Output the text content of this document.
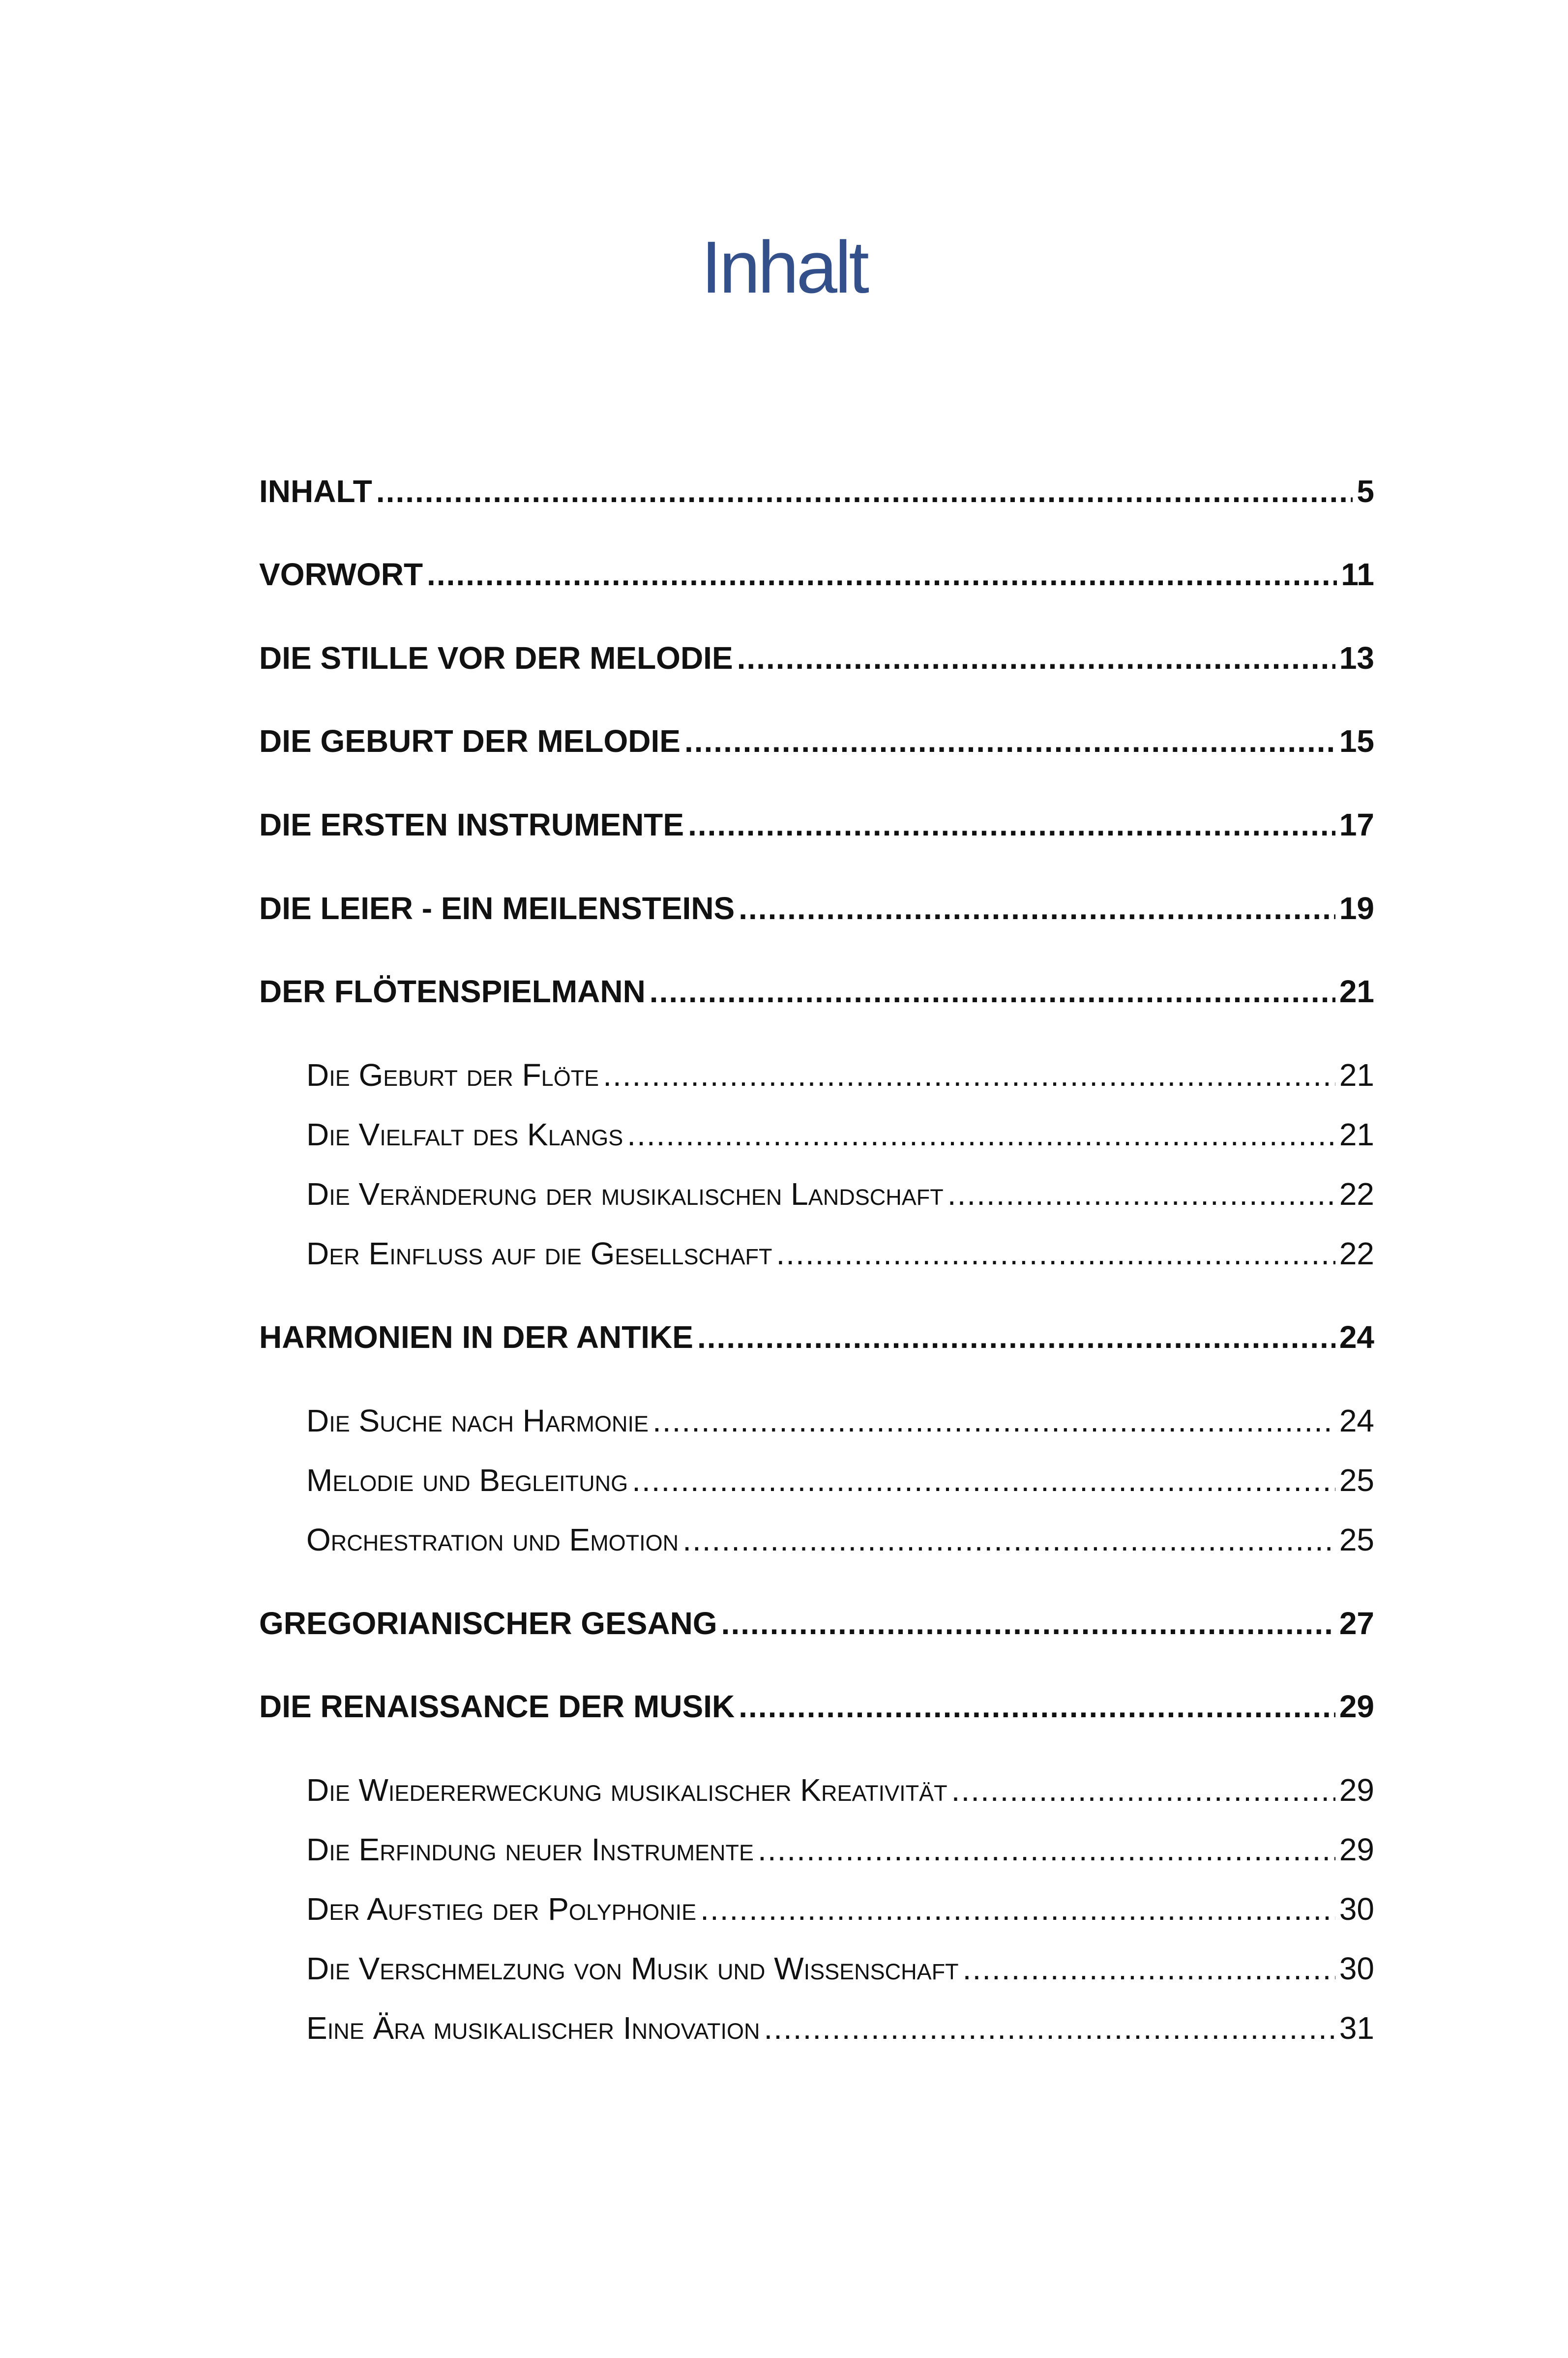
Inhalt
INHALT .....	5
VORWORT .....	11
DIE STILLE VOR DER MELODIE .....	13
DIE GEBURT DER MELODIE .....	15
DIE ERSTEN INSTRUMENTE .....	17
DIE LEIER - EIN MEILENSTEINS .....	19
DER FLÖTENSPIELMANN .....	21
Die Geburt der Flöte .....	21
Die Vielfalt des Klangs .....	21
Die Veränderung der musikalischen Landschaft .....	22
Der Einfluss auf die Gesellschaft .....	22
HARMONIEN IN DER ANTIKE .....	24
Die Suche nach Harmonie .....	24
Melodie und Begleitung .....	25
Orchestration und Emotion .....	25
GREGORIANISCHER GESANG .....	27
DIE RENAISSANCE DER MUSIK .....	29
Die Wiedererweckung musikalischer Kreativität .....	29
Die Erfindung neuer Instrumente .....	29
Der Aufstieg der Polyphonie .....	30
Die Verschmelzung von Musik und Wissenschaft .....	30
Eine Ära musikalischer Innovation .....	31
